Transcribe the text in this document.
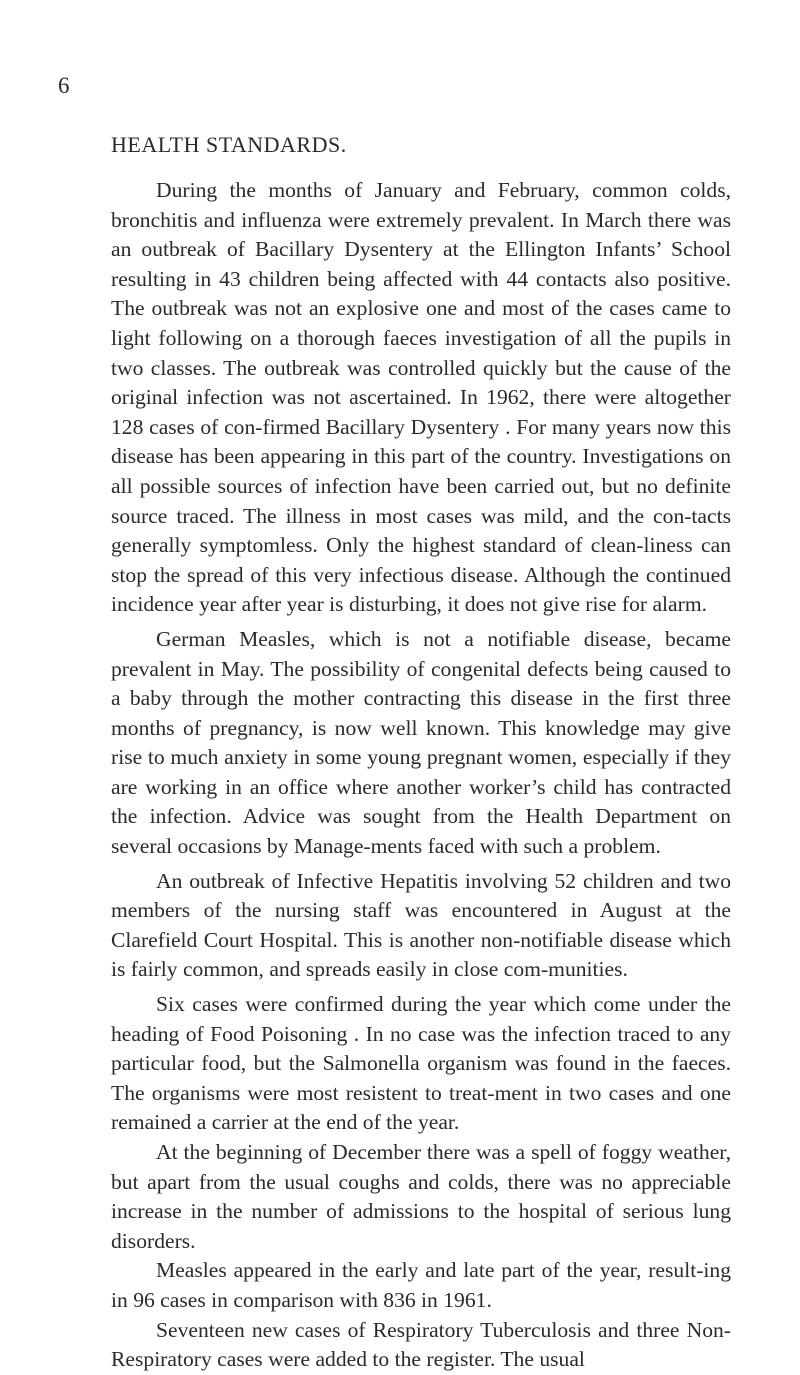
6
HEALTH STANDARDS.

During the months of January and February, common colds, bronchitis and influenza were extremely prevalent. In March there was an outbreak of Bacillary Dysentery at the Ellington Infants’ School resulting in 43 children being affected with 44 contacts also positive. The outbreak was not an explosive one and most of the cases came to light following on a thorough faeces investigation of all the pupils in two classes. The outbreak was controlled quickly but the cause of the original infection was not ascertained. In 1962, there were altogether 128 cases of con-firmed Bacillary Dysentery . For many years now this disease has been appearing in this part of the country. Investigations on all possible sources of infection have been carried out, but no definite source traced. The illness in most cases was mild, and the con-tacts generally symptomless. Only the highest standard of clean-liness can stop the spread of this very infectious disease. Although the continued incidence year after year is disturbing, it does not give rise for alarm.

German Measles, which is not a notifiable disease, became prevalent in May. The possibility of congenital defects being caused to a baby through the mother contracting this disease in the first three months of pregnancy, is now well known. This knowledge may give rise to much anxiety in some young pregnant women, especially if they are working in an office where another worker’s child has contracted the infection. Advice was sought from the Health Department on several occasions by Manage-ments faced with such a problem.

An outbreak of Infective Hepatitis involving 52 children and two members of the nursing staff was encountered in August at the Clarefield Court Hospital. This is another non-notifiable disease which is fairly common, and spreads easily in close com-munities.

Six cases were confirmed during the year which come under the heading of Food Poisoning . In no case was the infection traced to any particular food, but the Salmonella organism was found in the faeces. The organisms were most resistent to treat-ment in two cases and one remained a carrier at the end of the year.

At the beginning of December there was a spell of foggy weather, but apart from the usual coughs and colds, there was no appreciable increase in the number of admissions to the hospital of serious lung disorders.

Measles appeared in the early and late part of the year, result-ing in 96 cases in comparison with 836 in 1961.

Seventeen new cases of Respiratory Tuberculosis and three Non-Respiratory cases were added to the register. The usual
